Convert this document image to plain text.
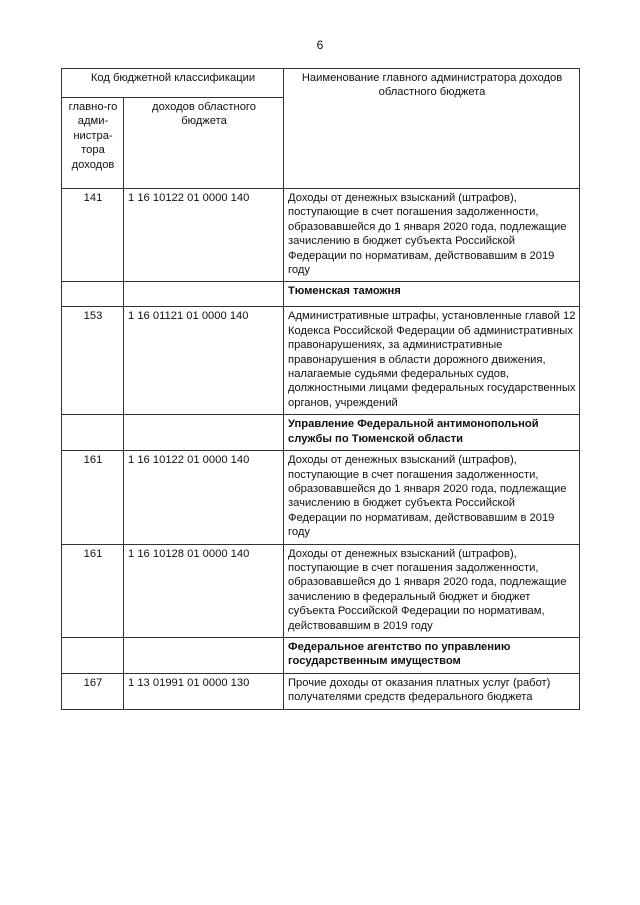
6
Код бюджетной классификации		Наименование главного администратора доходов областного бюджета
главно-го адми-нистра-тора доходов	доходов областного бюджета	
141	1 16 10122 01 0000 140	Доходы от денежных взысканий (штрафов), поступающие в счет погашения задолженности, образовавшейся до 1 января 2020 года, подлежащие зачислению в бюджет субъекта Российской Федерации по нормативам, действовавшим в 2019 году
		Тюменская таможня
153	1 16 01121 01 0000 140	Административные штрафы, установленные главой 12 Кодекса Российской Федерации об административных правонарушениях, за административные правонарушения в области дорожного движения, налагаемые судьями федеральных судов, должностными лицами федеральных государственных органов, учреждений
		Управление Федеральной антимонопольной службы по Тюменской области
161	1 16 10122 01 0000 140	Доходы от денежных взысканий (штрафов), поступающие в счет погашения задолженности, образовавшейся до 1 января 2020 года, подлежащие зачислению в бюджет субъекта Российской Федерации по нормативам, действовавшим в 2019 году
161	1 16 10128 01 0000 140	Доходы от денежных взысканий (штрафов), поступающие в счет погашения задолженности, образовавшейся до 1 января 2020 года, подлежащие зачислению в федеральный бюджет и бюджет субъекта Российской Федерации по нормативам, действовавшим в 2019 году
		Федеральное агентство по управлению государственным имуществом
167	1 13 01991 01 0000 130	Прочие доходы от оказания платных услуг (работ) получателями средств федерального бюджета
